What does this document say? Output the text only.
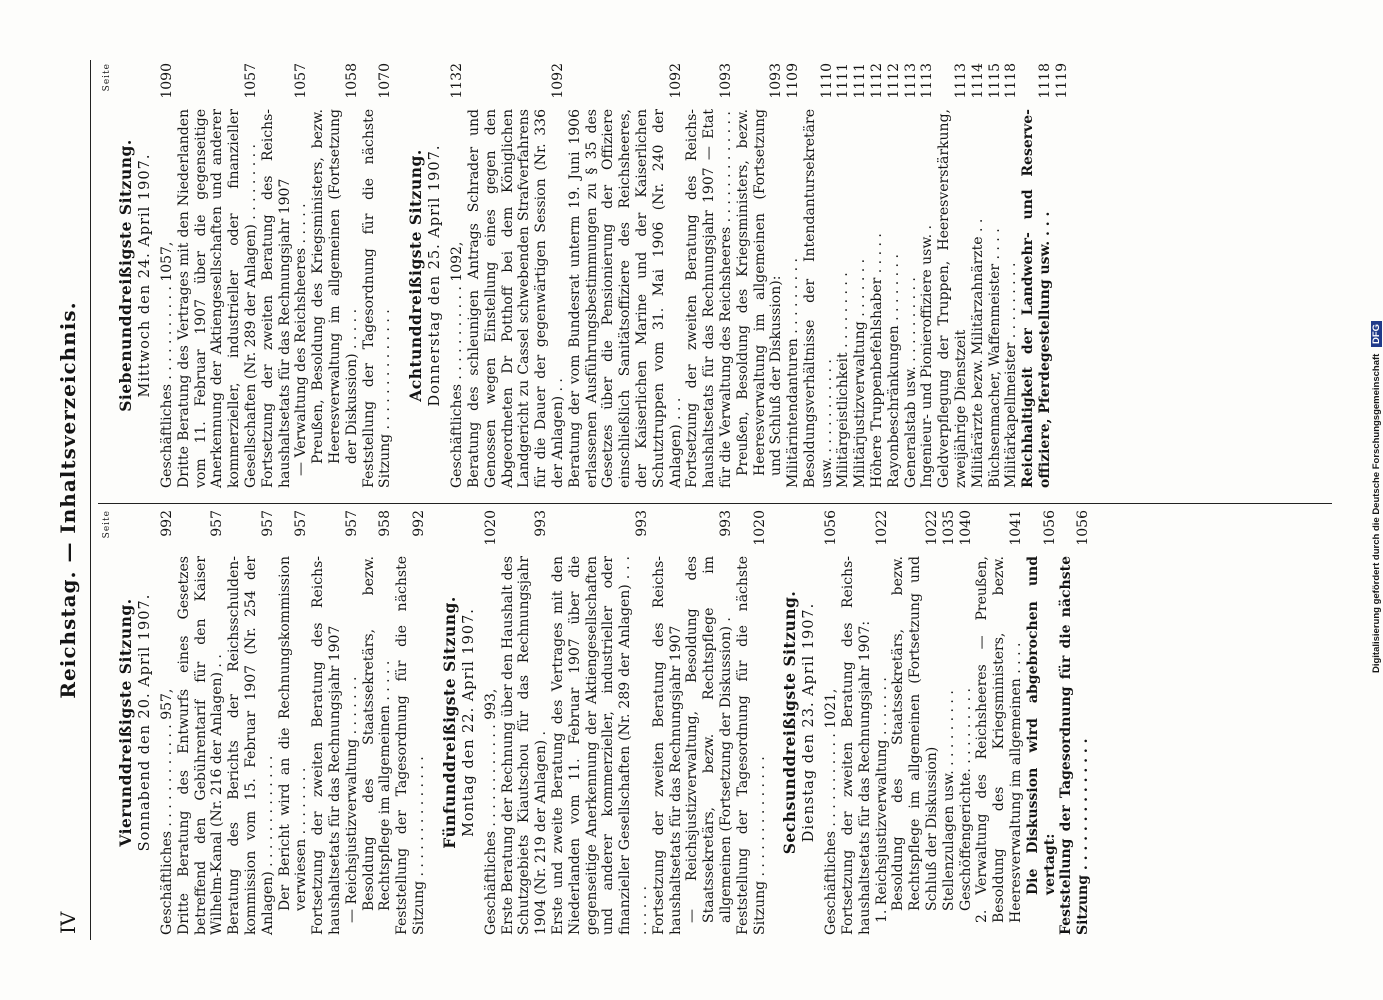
IV
Reichstag. — Inhaltsverzeichnis. Seite
Vierunddreißigste Sitzung. Sonnabend den 20. April 1907. Geschäftliches . . . . . . . . . . . . 957,
992
Dritte Beratung des Entwurfs eines Gesetzes betreffend den Gebührentarif für den Kaiser Wilhelm-Kanal (Nr. 216 der Anlagen) . .
957
Beratung des Berichts der Reichsschuldenkommission vom 15. Februar 1907 (Nr. 254 der Anlagen) . . . . . . . . . . . . .
957
Der Bericht wird an die Rechnungskommission verwiesen . . . . . . . .
957
Fortsetzung der zweiten Beratung des Reichshaushaltsetats für das Rechnungsjahr 1907 — Reichsjustizverwaltung . . . . . . .
957
Besoldung des Staatssekretärs, bezw. Rechtspflege im allgemeinen . . . . .
958
Feststellung der Tagesordnung für die nächste Sitzung . . . . . . . . . . . . . .
992
Fünfunddreißigste Sitzung. Montag den 22. April 1907. Geschäftliches . . . . . . . . . . . . 993,
1020
Erste Beratung der Rechnung über den Haushalt des Schutzgebiets Kiautschou für das Rechnungsjahr 1904 (Nr. 219 der Anlagen) .
993
Erste und zweite Beratung des Vertrages mit den Niederlanden vom 11. Februar 1907 über die gegenseitige Anerkennung der Aktiengesellschaften und anderer kommerzieller, industrieller oder finanzieller Gesellschaften (Nr. 289 der Anlagen) . . . . . . . . .
993
Fortsetzung der zweiten Beratung des Reichshaushaltsetats für das Rechnungsjahr 1907 — Reichsjustizverwaltung, Besoldung des Staatssekretärs, bezw. Rechtspflege im allgemeinen (Fortsetzung der Diskussion) .
993
Feststellung der Tagesordnung für die nächste Sitzung . . . . . . . . . . . . . .
1020
Sechsunddreißigste Sitzung. Dienstag den 23. April 1907. Geschäftliches . . . . . . . . . . . 1021,
1056
Fortsetzung der zweiten Beratung des Reichshaushaltsetats für das Rechnungsjahr 1907: 1. Reichsjustizverwaltung . . . . . . .
1022
Besoldung des Staatssekretärs, bezw. Rechtspflege im allgemeinen (Fortsetzung und Schluß der Diskussion)
1022
Stellenzulagen usw. . . . . . . . . .
1035
Geschöffengerichte. . . . . . . . . .
1040
2. Verwaltung des Reichsheeres — Preußen, Besoldung des Kriegsministers, bezw. Heeresverwaltung im allgemeinen . . . .
1041
Die Diskussion wird abgebrochen und vertagt:
1056
Feststellung der Tagesordnung für die nächste Sitzung . . . . . . . . . . . . . .
1056
Seite
Siebenunddreißigste Sitzung. Mittwoch den 24. April 1907. Geschäftliches . . . . . . . . . . . 1057,
1090
Dritte Beratung des Vertrages mit den Niederlanden vom 11. Februar 1907 über die gegenseitige Anerkennung der Aktiengesellschaften und anderer kommerzieller, industrieller oder finanzieller Gesellschaften (Nr. 289 der Anlagen) . . . . . . . . .
1057
Fortsetzung der zweiten Beratung des Reichshaushaltsetats für das Rechnungsjahr 1907 — Verwaltung des Reichsheeres . . . . .
1057
Preußen, Besoldung des Kriegsministers, bezw. Heeresverwaltung im allgemeinen (Fortsetzung der Diskussion) . . . . .
1058
Feststellung der Tagesordnung für die nächste Sitzung . . . . . . . . . . . . . .
1070
Achtunddreißigste Sitzung. Donnerstag den 25. April 1907. Geschäftliches . . . . . . . . . . . 1092,
1132
Beratung des schleunigen Antrags Schrader und Genossen wegen Einstellung eines gegen den Abgeordneten Dr Potthoff bei dem Königlichen Landgericht zu Cassel schwebenden Strafverfahrens für die Dauer der gegenwärtigen Session (Nr. 336 der Anlagen) . .
1092
Beratung der vom Bundesrat unterm 19. Juni 1906 erlassenen Ausführungsbestimmungen zu § 35 des Gesetzes über die Pensionierung der Offiziere einschließlich Sanitätsoffiziere des Reichsheeres, der Kaiserlichen Marine und der Kaiserlichen Schutztruppen vom 31. Mai 1906 (Nr. 240 der Anlagen) . . .
1092
Fortsetzung der zweiten Beratung des Reichshaushaltsetats für das Rechnungsjahr 1907 — Etat für die Verwaltung des Reichsheeres . . . . . . . . . . . . .
1093
Preußen, Besoldung des Kriegsministers, bezw. Heeresverwaltung im allgemeinen (Fortsetzung und Schluß der Diskussion):
1093
Militärintendanturen . . . . . . . . .
1109
Besoldungsverhältnisse der Intendantursekretäre usw. . . . . . . . . . . .
1110
Militärgeistlichkeit . . . . . . . . .
1111
Militärjustizverwaltung . . . . . . .
1111
Höhere Truppenbefehlshaber . . . . .
1112
Rayonbeschränkungen . . . . . . . .
1112
Generalstab usw. . . . . . . . . . .
1113
Ingenieur- und Pionieroffiziere usw. .
1113
Geldverpflegung der Truppen, Heeresverstärkung, zweijährige Dienstzeit
1113
Militärärzte bezw. Militärzahnärzte . .
1114
Büchsenmacher, Waffenmeister . . . .
1115
Militärkapellmeister . . . . . . . . .
1118
Reichhaltigkeit der Landwehr- und Reserveoffiziere, Pferdegestellung usw. . . .
1118 1119
Digitalisierung gefördert durch die Deutsche Forschungsgemeinschaft DFG
